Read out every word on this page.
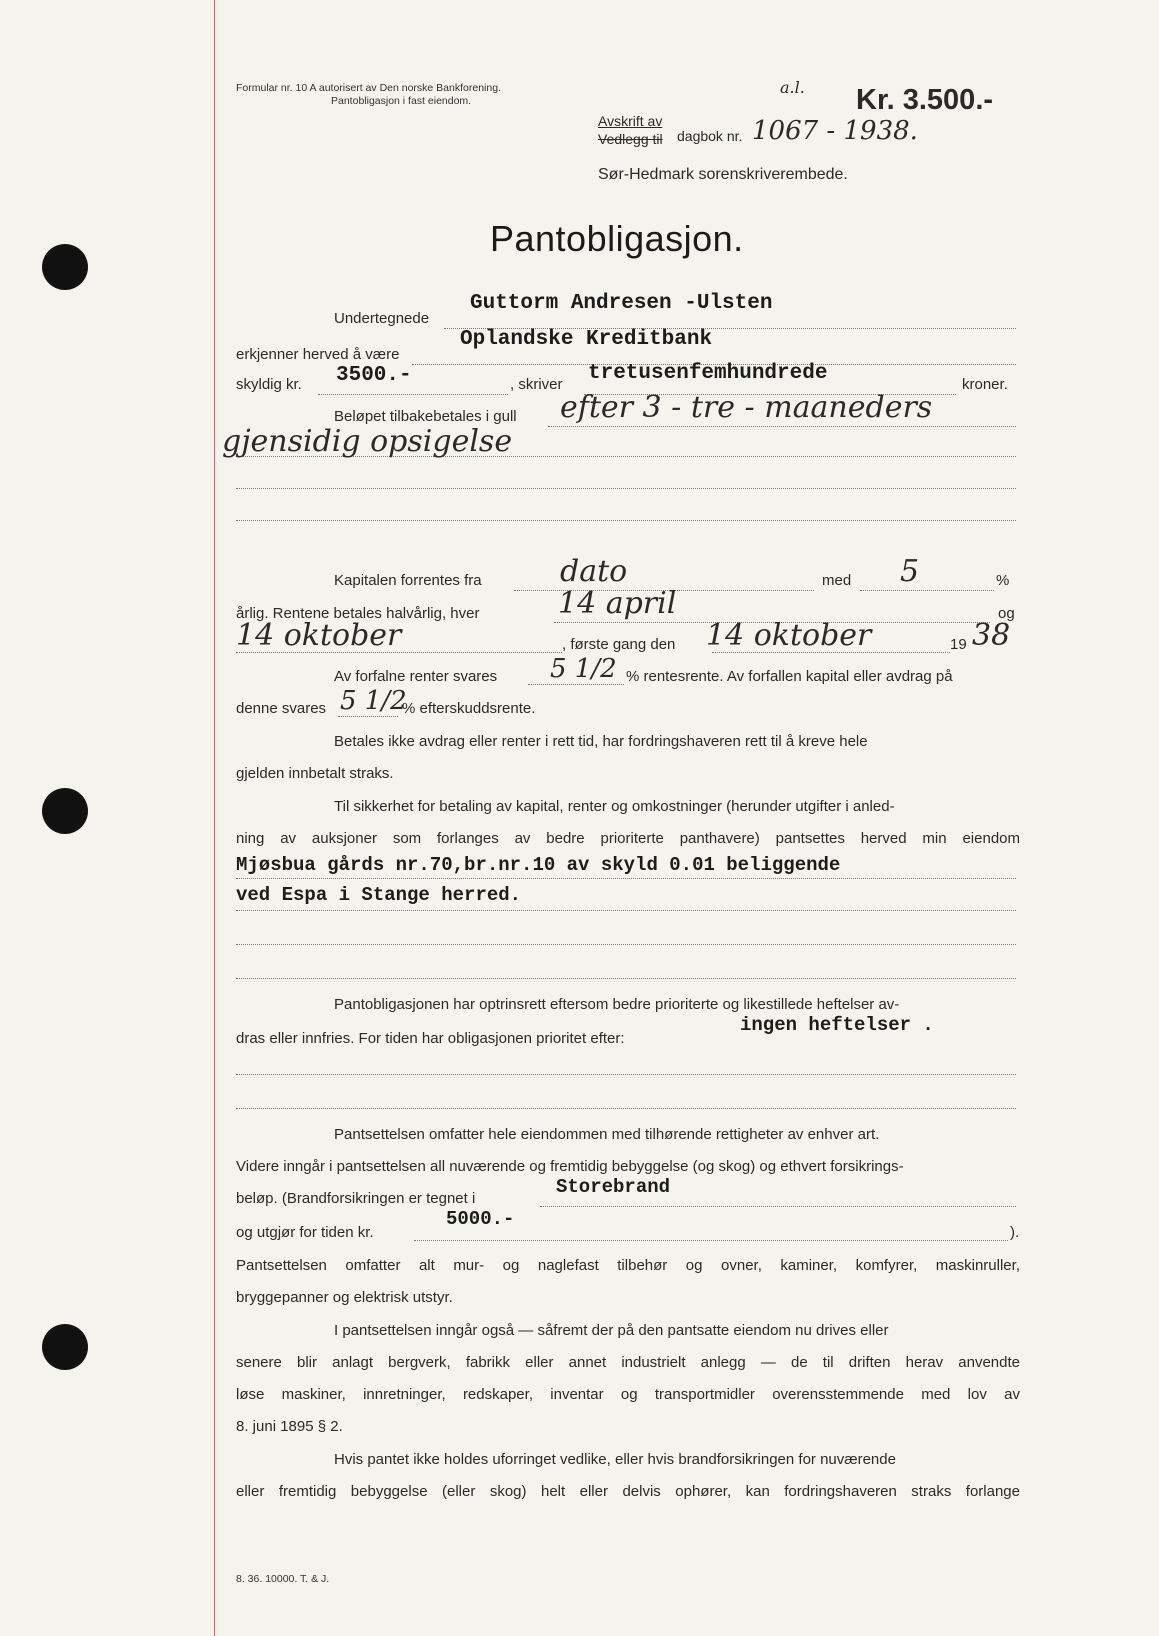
Formular nr. 10 A autorisert av Den norske Bankforening.
Pantobligasjon i fast eiendom.
a.l. Kr. 3.500.-
Avskrift av
Vedlegg til dagbok nr. 1067 - 1938.
Sør-Hedmark sorenskriverembede.
Pantobligasjon.
Undertegnede
Guttorm Andresen -Ulsten
erkjenner herved å være
Oplandske Kreditbank
skyldig kr. 3500.-	, skriver tretusenfemhundrede	kroner.
Beløpet tilbakebetales i gull efter 3 - tre - maaneders
gjensidig opsigelse
Kapitalen forrentes fra	dato	med 5	%
årlig. Rentene betales halvårlig, hver	14 april	og
14 oktober	, første gang den 14 oktober	19 38
Av forfalne renter svares 5 1/2 % rentesrente. Av forfallen kapital eller avdrag på
denne svares 5 1/2
% efterskuddsrente.
Betales ikke avdrag eller renter i rett tid, har fordringshaveren rett til å kreve hele
gjelden innbetalt straks.
Til sikkerhet for betaling av kapital, renter og omkostninger (herunder utgifter i anled-
ning av auksjoner som forlanges av bedre prioriterte panthavere) pantsettes herved min eiendom
Mjøsbua gårds nr.70,br.nr.10 av skyld 0.01 beliggende
ved Espa i Stange herred.
Pantobligasjonen har optrinsrett eftersom bedre prioriterte og likestillede heftelser av-
dras eller innfries. For tiden har obligasjonen prioritet efter:
ingen heftelser .
Pantsettelsen omfatter hele eiendommen med tilhørende rettigheter av enhver art.
Videre inngår i pantsettelsen all nuværende og fremtidig bebyggelse (og skog) og ethvert forsikrings-
beløp. (Brandforsikringen er tegnet i
Storebrand
og utgjør for tiden kr.
5000.-
).
Pantsettelsen omfatter alt mur- og naglefast tilbehør og ovner, kaminer, komfyrer, maskinruller,
bryggepanner og elektrisk utstyr.
I pantsettelsen inngår også — såfremt der på den pantsatte eiendom nu drives eller
senere blir anlagt bergverk, fabrikk eller annet industrielt anlegg — de til driften herav anvendte
løse maskiner, innretninger, redskaper, inventar og transportmidler overensstemmende med lov av
8. juni 1895 § 2.
Hvis pantet ikke holdes uforringet vedlike, eller hvis brandforsikringen for nuværende
eller fremtidig bebyggelse (eller skog) helt eller delvis ophører, kan fordringshaveren straks forlange
8. 36. 10000. T. & J.
